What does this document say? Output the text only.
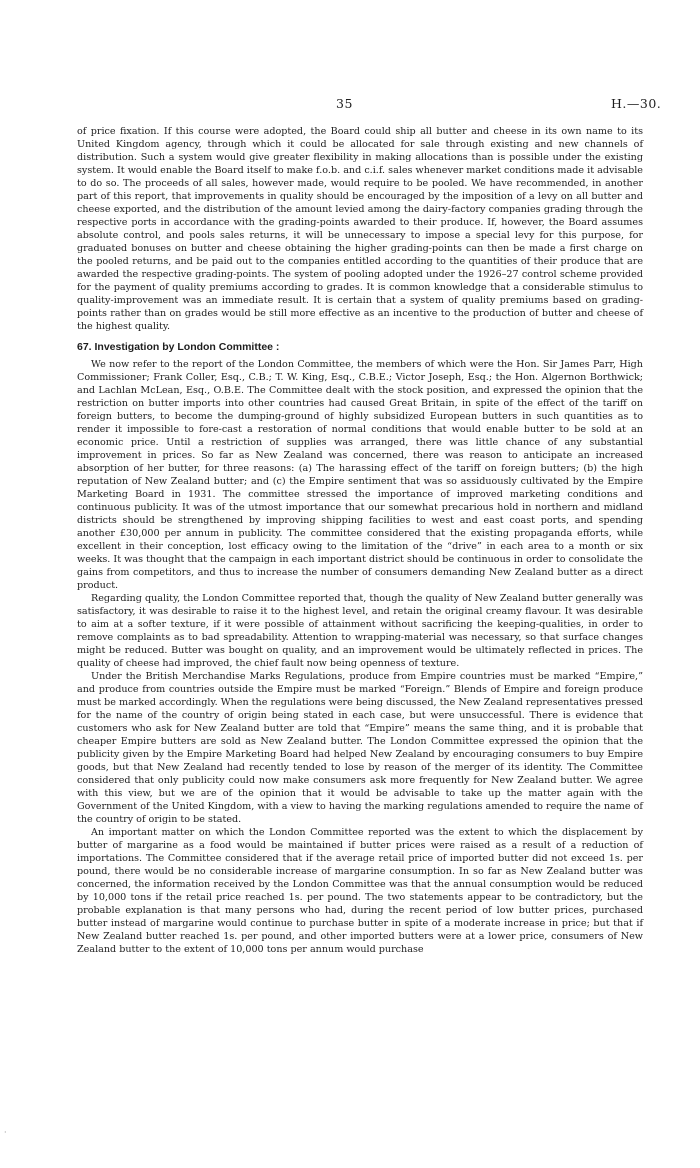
35	H.—30.

of price fixation. If this course were adopted, the Board could ship all butter and cheese in its own name to its United Kingdom agency, through which it could be allocated for sale through existing and new channels of distribution. Such a system would give greater flexibility in making allocations than is possible under the existing system. It would enable the Board itself to make f.o.b. and c.i.f. sales whenever market conditions made it advisable to do so. The proceeds of all sales, however made, would require to be pooled. We have recommended, in another part of this report, that improvements in quality should be encouraged by the imposition of a levy on all butter and cheese exported, and the distribution of the amount levied among the dairy-factory companies grading through the respective ports in accordance with the grading-points awarded to their produce. If, however, the Board assumes absolute control, and pools sales returns, it will be unnecessary to impose a special levy for this purpose, for graduated bonuses on butter and cheese obtaining the higher grading-points can then be made a first charge on the pooled returns, and be paid out to the companies entitled according to the quantities of their produce that are awarded the respective grading-points. The system of pooling adopted under the 1926–27 control scheme provided for the payment of quality premiums according to grades. It is common knowledge that a considerable stimulus to quality-improvement was an immediate result. It is certain that a system of quality premiums based on grading-points rather than on grades would be still more effective as an incentive to the production of butter and cheese of the highest quality.

67. Investigation by London Committee :

We now refer to the report of the London Committee, the members of which were the Hon. Sir James Parr, High Commissioner; Frank Coller, Esq., C.B.; T. W. King, Esq., C.B.E.; Victor Joseph, Esq.; the Hon. Algernon Borthwick; and Lachlan McLean, Esq., O.B.E. The Committee dealt with the stock position, and expressed the opinion that the restriction on butter imports into other countries had caused Great Britain, in spite of the effect of the tariff on foreign butters, to become the dumping-ground of highly subsidized European butters in such quantities as to render it impossible to fore-cast a restoration of normal conditions that would enable butter to be sold at an economic price. Until a restriction of supplies was arranged, there was little chance of any substantial improvement in prices. So far as New Zealand was concerned, there was reason to anticipate an increased absorption of her butter, for three reasons: (a) The harassing effect of the tariff on foreign butters; (b) the high reputation of New Zealand butter; and (c) the Empire sentiment that was so assiduously cultivated by the Empire Marketing Board in 1931. The committee stressed the importance of improved marketing conditions and continuous publicity. It was of the utmost importance that our somewhat precarious hold in northern and midland districts should be strengthened by improving shipping facilities to west and east coast ports, and spending another £30,000 per annum in publicity. The committee considered that the existing propaganda efforts, while excellent in their conception, lost efficacy owing to the limitation of the “drive” in each area to a month or six weeks. It was thought that the campaign in each important district should be continuous in order to consolidate the gains from competitors, and thus to increase the number of consumers demanding New Zealand butter as a direct product.

Regarding quality, the London Committee reported that, though the quality of New Zealand butter generally was satisfactory, it was desirable to raise it to the highest level, and retain the original creamy flavour. It was desirable to aim at a softer texture, if it were possible of attainment without sacrificing the keeping-qualities, in order to remove complaints as to bad spreadability. Attention to wrapping-material was necessary, so that surface changes might be reduced. Butter was bought on quality, and an improvement would be ultimately reflected in prices. The quality of cheese had improved, the chief fault now being openness of texture.

Under the British Merchandise Marks Regulations, produce from Empire countries must be marked “Empire,” and produce from countries outside the Empire must be marked “Foreign.” Blends of Empire and foreign produce must be marked accordingly. When the regulations were being discussed, the New Zealand representatives pressed for the name of the country of origin being stated in each case, but were unsuccessful. There is evidence that customers who ask for New Zealand butter are told that “Empire” means the same thing, and it is probable that cheaper Empire butters are sold as New Zealand butter. The London Committee expressed the opinion that the publicity given by the Empire Marketing Board had helped New Zealand by encouraging consumers to buy Empire goods, but that New Zealand had recently tended to lose by reason of the merger of its identity. The Committee considered that only publicity could now make consumers ask more frequently for New Zealand butter. We agree with this view, but we are of the opinion that it would be advisable to take up the matter again with the Government of the United Kingdom, with a view to having the marking regulations amended to require the name of the country of origin to be stated.

An important matter on which the London Committee reported was the extent to which the displacement by butter of margarine as a food would be maintained if butter prices were raised as a result of a reduction of importations. The Committee considered that if the average retail price of imported butter did not exceed 1s. per pound, there would be no considerable increase of margarine consumption. In so far as New Zealand butter was concerned, the information received by the London Committee was that the annual consumption would be reduced by 10,000 tons if the retail price reached 1s. per pound. The two statements appear to be contradictory, but the probable explanation is that many persons who had, during the recent period of low butter prices, purchased butter instead of margarine would continue to purchase butter in spite of a moderate increase in price; but that if New Zealand butter reached 1s. per pound, and other imported butters were at a lower price, consumers of New Zealand butter to the extent of 10,000 tons per annum would purchase

·
